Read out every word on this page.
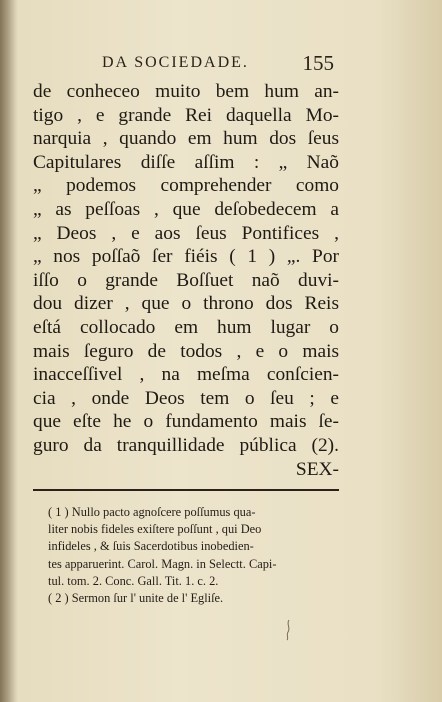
DA SOCIEDADE.	155
de conheceo muito bem hum an-
tigo , e grande Rei daquella Mo-
narquia , quando em hum dos ſeus
Capitulares diſſe aſſim : „ Naõ
„ podemos comprehender como
„ as peſſoas , que deſobedecem a
„ Deos , e aos ſeus Pontifices ,
„ nos poſſaõ ſer fiéis ( 1 ) „. Por
iſſo o grande Boſſuet naõ duvi-
dou dizer , que o throno dos Reis
eſtá collocado em hum lugar o
mais ſeguro de todos , e o mais
inacceſſivel , na meſma conſcien-
cia , onde Deos tem o ſeu ; e
que eſte he o fundamento mais ſe-
guro da tranquillidade pública (2).
SEX-
( 1 ) Nullo pacto agnoſcere poſſumus qua-
liter nobis fideles exiſtere poſſunt , qui Deo
infideles , & ſuis Sacerdotibus inobedien-
tes apparuerint. Carol. Magn. in Selectt. Capi-
tul. tom. 2. Conc. Gall. Tit. 1. c. 2.
( 2 ) Sermon ſur l' unite de l' Egliſe.
